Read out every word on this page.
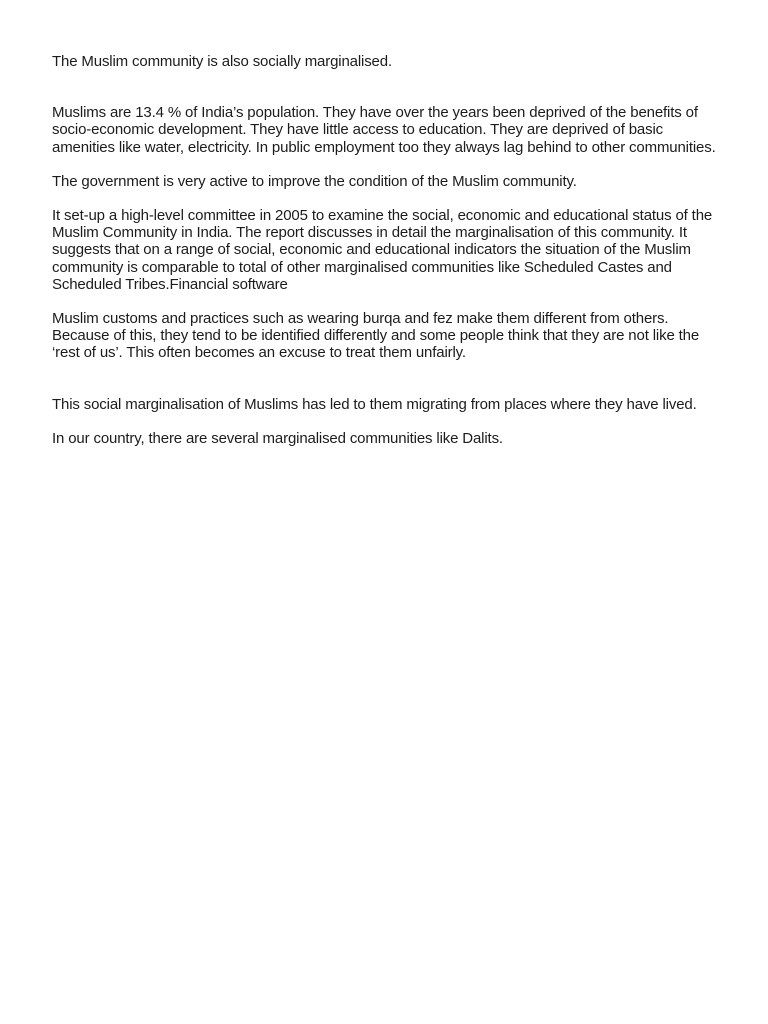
The Muslim community is also socially marginalised.

Muslims are 13.4 % of India’s population. They have over the years been deprived of the benefits of socio-economic development. They have little access to education. They are deprived of basic amenities like water, electricity. In public employment too they always lag behind to other communities.

The government is very active to improve the condition of the Muslim community.

It set-up a high-level committee in 2005 to examine the social, economic and educational status of the Muslim Community in India. The report discusses in detail the marginalisation of this community. It suggests that on a range of social, economic and educational indicators the situation of the Muslim community is comparable to total of other marginalised communities like Scheduled Castes and Scheduled Tribes.Financial software

Muslim customs and practices such as wearing burqa and fez make them different from others. Because of this, they tend to be identified differently and some people think that they are not like the ‘rest of us’. This often becomes an excuse to treat them unfairly.

This social marginalisation of Muslims has led to them migrating from places where they have lived.

In our country, there are several marginalised communities like Dalits.
